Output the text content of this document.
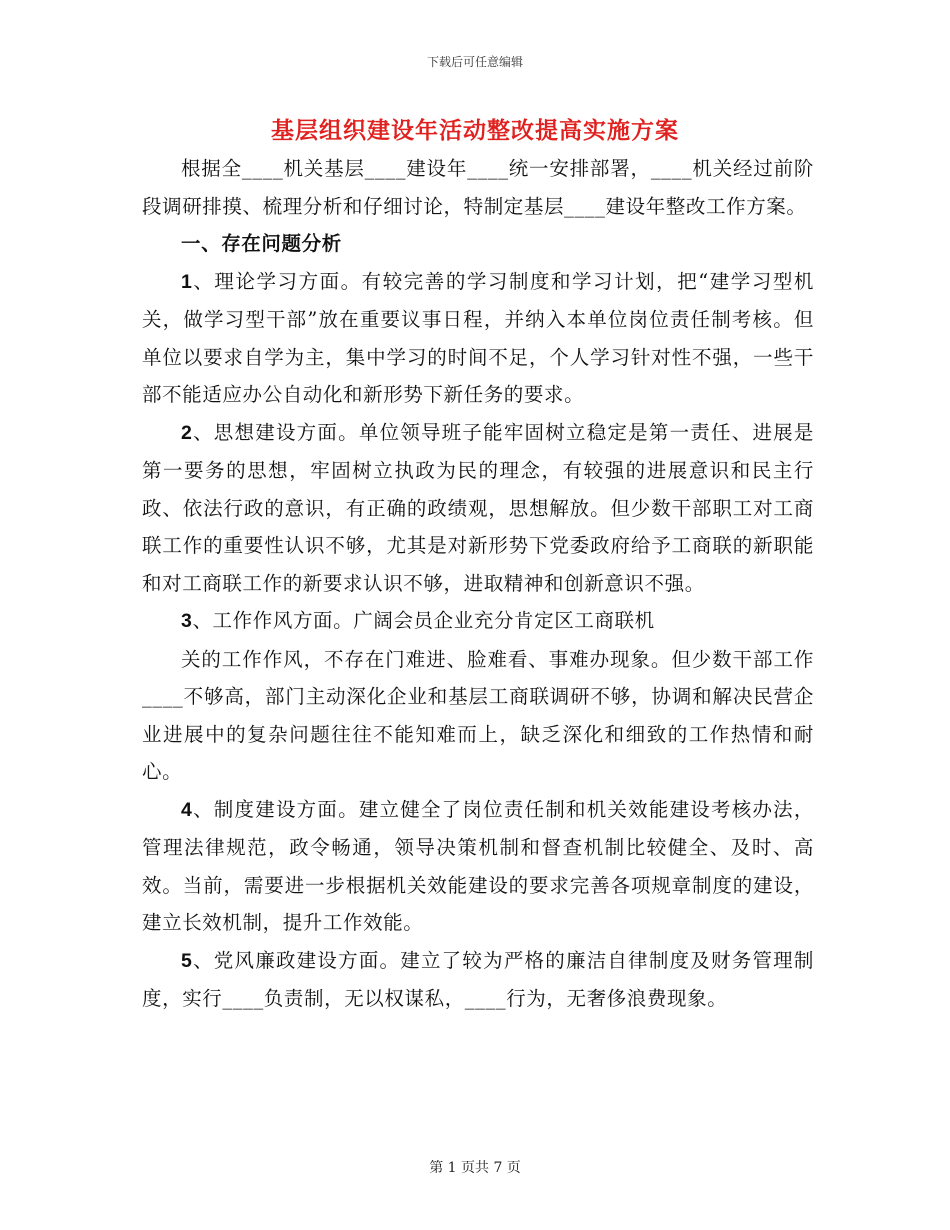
下载后可任意编辑
基层组织建设年活动整改提高实施方案

根据全____机关基层____建设年____统一安排部署，____机关经过前阶段调研排摸、梳理分析和仔细讨论，特制定基层____建设年整改工作方案。

一、存在问题分析

1、理论学习方面。有较完善的学习制度和学习计划，把“建学习型机关，做学习型干部”放在重要议事日程，并纳入本单位岗位责任制考核。但单位以要求自学为主，集中学习的时间不足，个人学习针对性不强，一些干部不能适应办公自动化和新形势下新任务的要求。

2、思想建设方面。单位领导班子能牢固树立稳定是第一责任、进展是第一要务的思想，牢固树立执政为民的理念，有较强的进展意识和民主行政、依法行政的意识，有正确的政绩观，思想解放。但少数干部职工对工商联工作的重要性认识不够，尤其是对新形势下党委政府给予工商联的新职能和对工商联工作的新要求认识不够，进取精神和创新意识不强。

3、工作作风方面。广阔会员企业充分肯定区工商联机

关的工作作风，不存在门难进、脸难看、事难办现象。但少数干部工作____不够高，部门主动深化企业和基层工商联调研不够，协调和解决民营企业进展中的复杂问题往往不能知难而上，缺乏深化和细致的工作热情和耐心。

4、制度建设方面。建立健全了岗位责任制和机关效能建设考核办法，管理法律规范，政令畅通，领导决策机制和督查机制比较健全、及时、高效。当前，需要进一步根据机关效能建设的要求完善各项规章制度的建设，建立长效机制，提升工作效能。

5、党风廉政建设方面。建立了较为严格的廉洁自律制度及财务管理制度，实行____负责制，无以权谋私，____行为，无奢侈浪费现象。

第 1 页共 7 页
